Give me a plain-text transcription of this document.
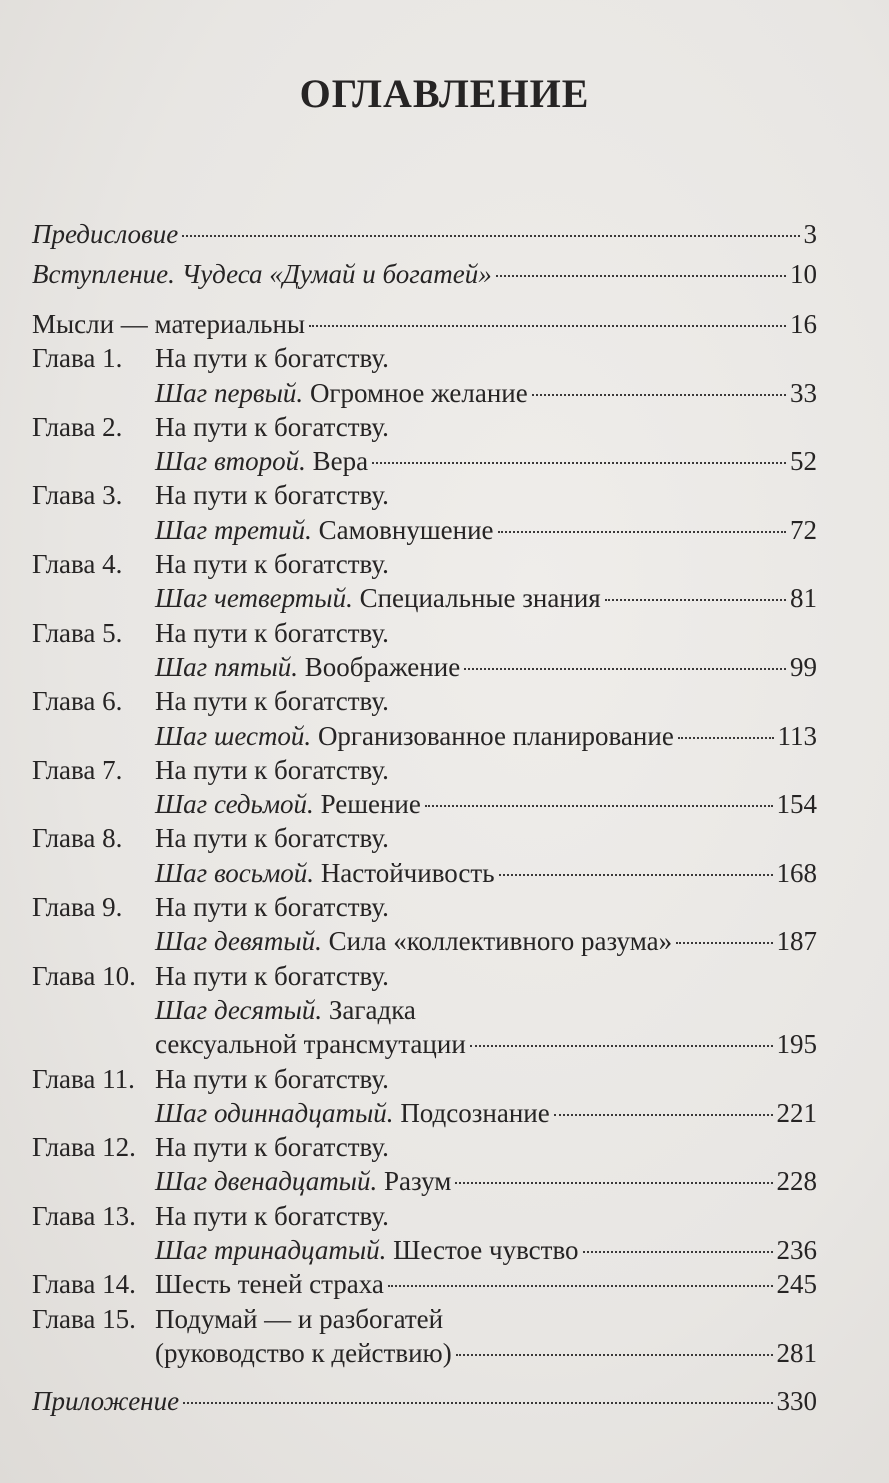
ОГЛАВЛЕНИЕ
Предисловие	3
Вступление. Чудеса «Думай и богатей»	10
Мысли — материальны	16
Глава 1.	На пути к богатству.
Шаг первый. Огромное желание	33
Глава 2.	На пути к богатству.
Шаг второй. Вера	52
Глава 3.	На пути к богатству.
Шаг третий. Самовнушение	72
Глава 4.	На пути к богатству.
Шаг четвертый. Специальные знания	81
Глава 5.	На пути к богатству.
Шаг пятый. Воображение	99
Глава 6.	На пути к богатству.
Шаг шестой. Организованное планирование	113
Глава 7.	На пути к богатству.
Шаг седьмой. Решение	154
Глава 8.	На пути к богатству.
Шаг восьмой. Настойчивость	168
Глава 9.	На пути к богатству.
Шаг девятый. Сила «коллективного разума»	187
Глава 10. На пути к богатству.
Шаг десятый. Загадка
сексуальной трансмутации	195
Глава 11. На пути к богатству.
Шаг одиннадцатый. Подсознание	221
Глава 12. На пути к богатству.
Шаг двенадцатый. Разум	228
Глава 13. На пути к богатству.
Шаг тринадцатый. Шестое чувство	236
Глава 14. Шесть теней страха	245
Глава 15. Подумай — и разбогатей
(руководство к действию)	281
Приложение	330
